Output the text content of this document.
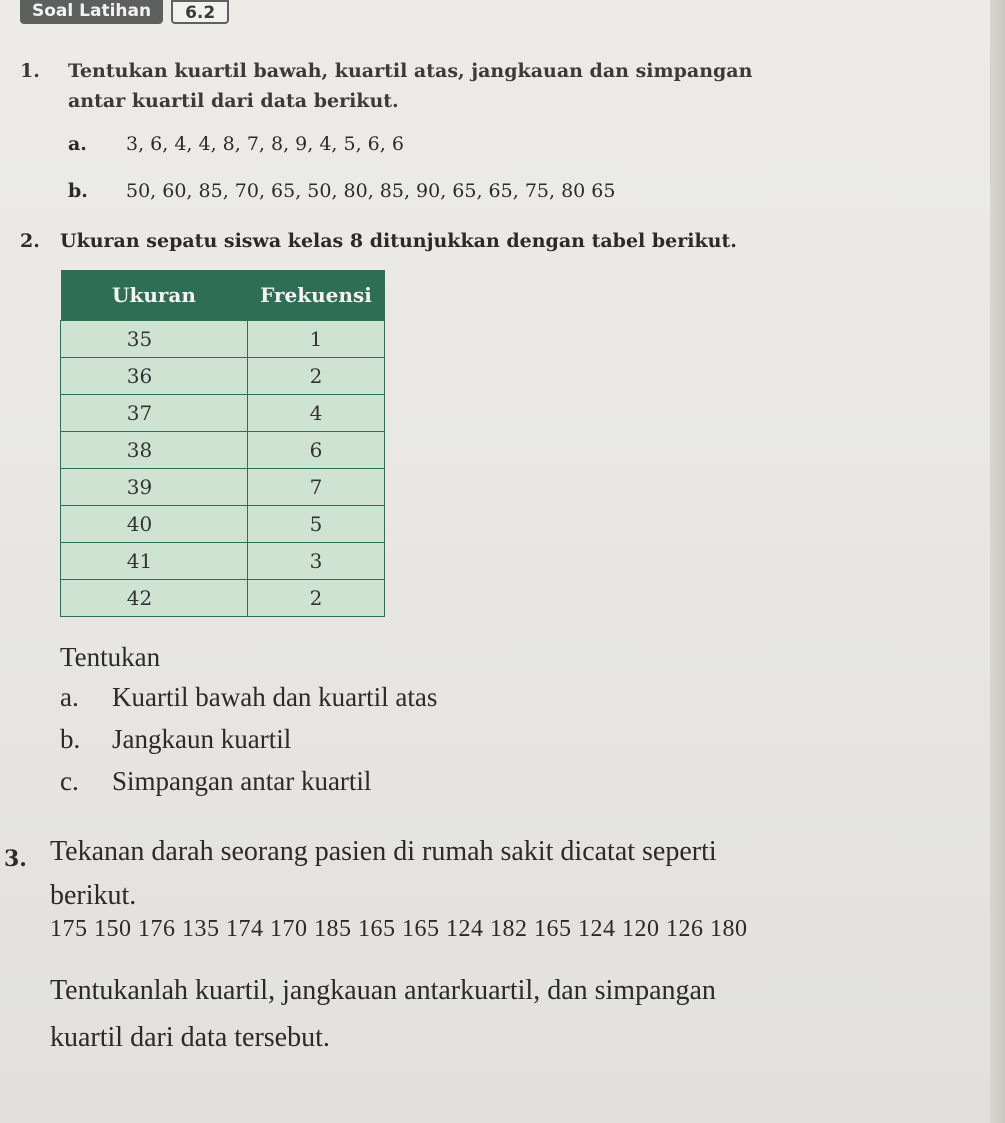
Soal Latihan	6.2
1. Tentukan kuartil bawah, kuartil atas, jangkauan dan simpangan
antar kuartil dari data berikut.
a. 3, 6, 4, 4, 8, 7, 8, 9, 4, 5, 6, 6
b. 50, 60, 85, 70, 65, 50, 80, 85, 90, 65, 65, 75, 80 65
2. Ukuran sepatu siswa kelas 8 ditunjukkan dengan tabel berikut.
Ukuran	Frekuensi
35	1
36	2
37	4
38	6
39	7
40	5
41	3
42	2
Tentukan
a. Kuartil bawah dan kuartil atas
b. Jangkaun kuartil
c. Simpangan antar kuartil
3. Tekanan darah seorang pasien di rumah sakit dicatat seperti
berikut.
175 150 176 135 174 170 185 165 165 124 182 165 124 120 126 180
Tentukanlah kuartil, jangkauan antarkuartil, dan simpangan
kuartil dari data tersebut.
